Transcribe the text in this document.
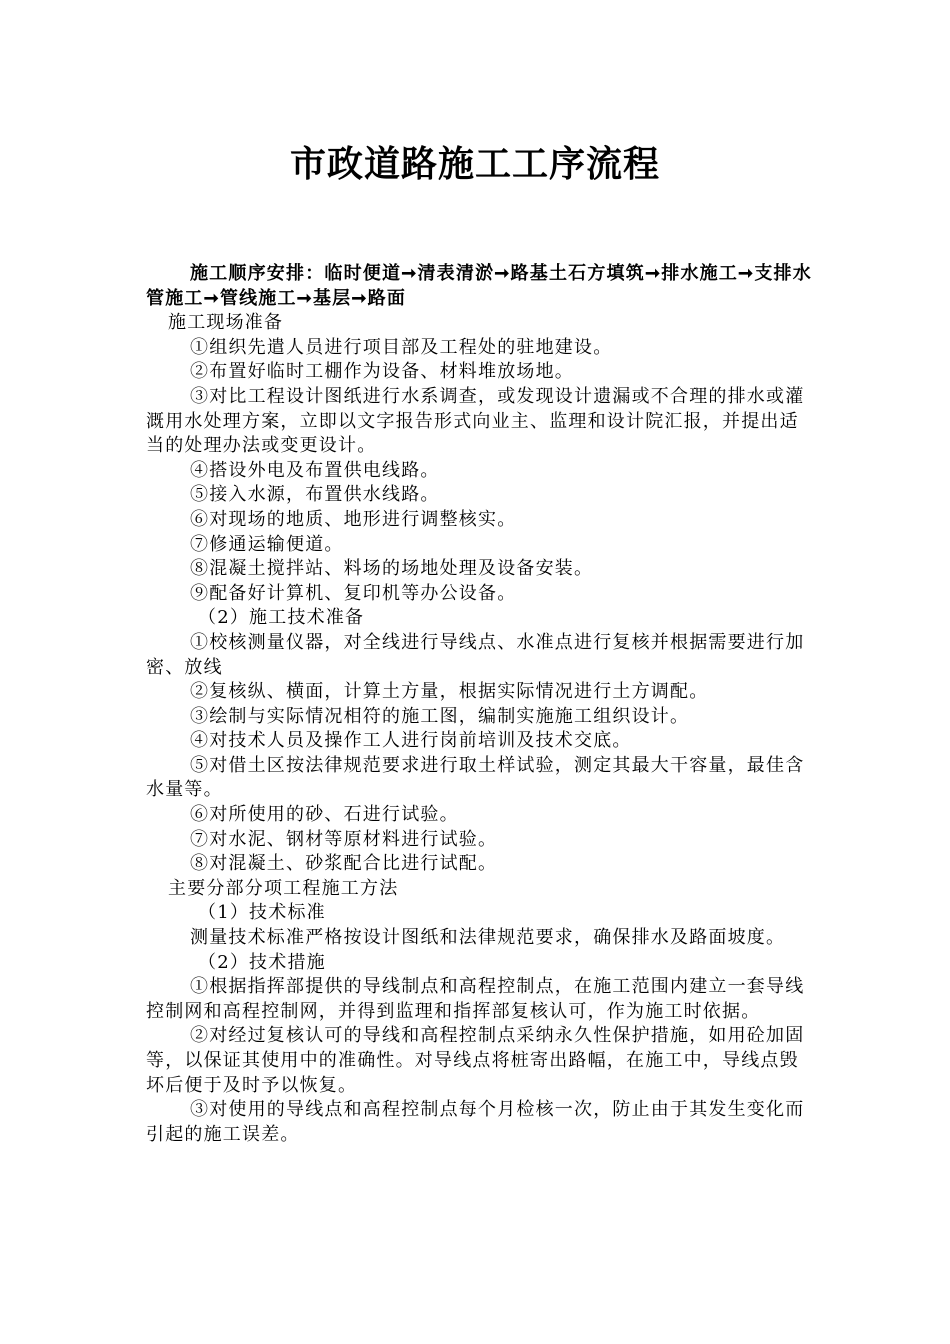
市政道路施工工序流程

施工顺序安排：临时便道➞清表清淤➞路基土石方填筑➞排水施工➞支排水管施工➞管线施工➞基层➞路面

施工现场准备

①组织先遣人员进行项目部及工程处的驻地建设。

②布置好临时工棚作为设备、材料堆放场地。

③对比工程设计图纸进行水系调查，或发现设计遗漏或不合理的排水或灌溉用水处理方案，立即以文字报告形式向业主、监理和设计院汇报，并提出适当的处理办法或变更设计。

④搭设外电及布置供电线路。

⑤接入水源，布置供水线路。

⑥对现场的地质、地形进行调整核实。

⑦修通运输便道。

⑧混凝土搅拌站、料场的场地处理及设备安装。

⑨配备好计算机、复印机等办公设备。

（2）施工技术准备

①校核测量仪器，对全线进行导线点、水准点进行复核并根据需要进行加密、放线

②复核纵、横面，计算土方量，根据实际情况进行土方调配。

③绘制与实际情况相符的施工图，编制实施施工组织设计。

④对技术人员及操作工人进行岗前培训及技术交底。

⑤对借土区按法律规范要求进行取土样试验，测定其最大干容量，最佳含水量等。

⑥对所使用的砂、石进行试验。

⑦对水泥、钢材等原材料进行试验。

⑧对混凝土、砂浆配合比进行试配。

主要分部分项工程施工方法

（1）技术标准

测量技术标准严格按设计图纸和法律规范要求，确保排水及路面坡度。

（2）技术措施

①根据指挥部提供的导线制点和高程控制点，在施工范围内建立一套导线控制网和高程控制网，并得到监理和指挥部复核认可，作为施工时依据。

②对经过复核认可的导线和高程控制点采纳永久性保护措施，如用砼加固等，以保证其使用中的准确性。对导线点将桩寄出路幅，在施工中，导线点毁坏后便于及时予以恢复。

③对使用的导线点和高程控制点每个月检核一次，防止由于其发生变化而引起的施工误差。
